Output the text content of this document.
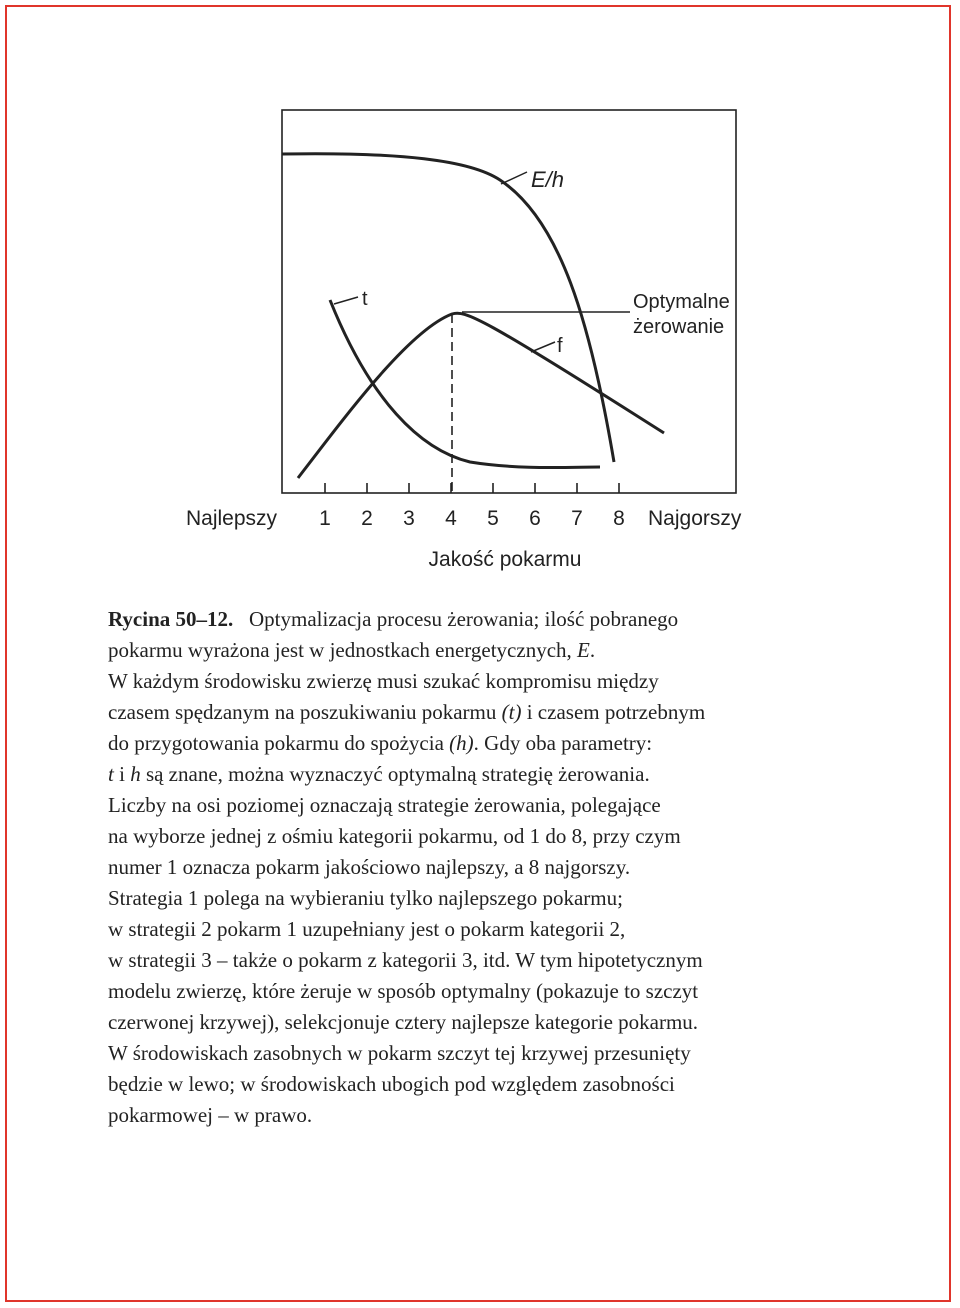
E/h
t
f
Optymalne
żerowanie
1 2 3 4 5 6 7 8
Najlepszy	Najgorszy
Jakość pokarmu
Rycina 50–12. Optymalizacja procesu żerowania; ilość pobranego
pokarmu wyrażona jest w jednostkach energetycznych, E.
W każdym środowisku zwierzę musi szukać kompromisu między
czasem spędzanym na poszukiwaniu pokarmu (t) i czasem potrzebnym
do przygotowania pokarmu do spożycia (h). Gdy oba parametry:
t i h są znane, można wyznaczyć optymalną strategię żerowania.
Liczby na osi poziomej oznaczają strategie żerowania, polegające
na wyborze jednej z ośmiu kategorii pokarmu, od 1 do 8, przy czym
numer 1 oznacza pokarm jakościowo najlepszy, a 8 najgorszy.
Strategia 1 polega na wybieraniu tylko najlepszego pokarmu;
w strategii 2 pokarm 1 uzupełniany jest o pokarm kategorii 2,
w strategii 3 – także o pokarm z kategorii 3, itd. W tym hipotetycznym
modelu zwierzę, które żeruje w sposób optymalny (pokazuje to szczyt
czerwonej krzywej), selekcjonuje cztery najlepsze kategorie pokarmu.
W środowiskach zasobnych w pokarm szczyt tej krzywej przesunięty
będzie w lewo; w środowiskach ubogich pod względem zasobności
pokarmowej – w prawo.
